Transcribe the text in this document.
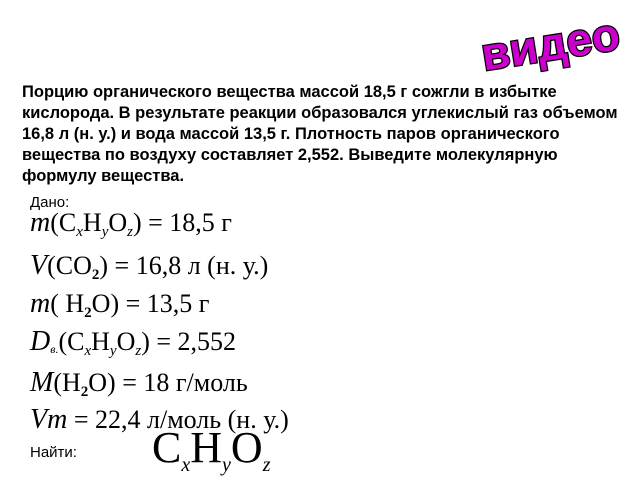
видео

Порцию органического вещества массой 18,5 г сожгли в избытке кислорода. В результате реакции образовался углекислый газ объемом 16,8 л (н. у.) и вода массой 13,5 г. Плотность паров органического вещества по воздуху составляет 2,552. Выведите молекулярную формулу вещества.

Дано:
$m(C_xH_yO_z) = 18,5$ г
$V(CO_2) = 16,8$ л (н. у.)
m( $H_2O) = 13,5$ г
$Dв.(C_xH_yO_z) = 2,552$
$M(H_2O) = 18$ г/моль
Vm = 22,4 л/моль (н. у.)
Найти: $C_xH_yO_z$
